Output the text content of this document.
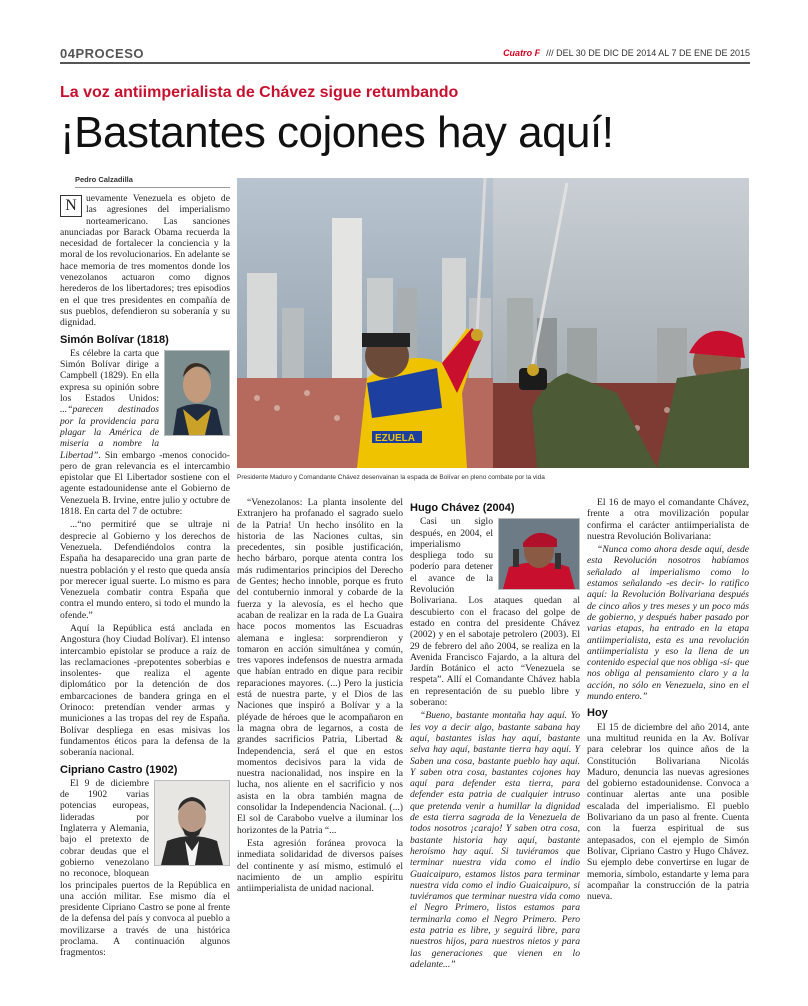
04PROCESO	Cuatro F /// DEL 30 DE DIC DE 2014 AL 7 DE ENE DE 2015
La voz antiimperialista de Chávez sigue retumbando
¡Bastantes cojones hay aquí!
Pedro Calzadilla
EZUELA
Presidente Maduro y Comandante Chávez desenvainan la espada de Bolívar en pleno combate por la vida

N uevamente Venezuela es objeto de las agresiones del imperialismo norteamericano. Las sanciones anunciadas por Barack Obama recuerda la necesidad de fortalecer la conciencia y la moral de los revolucionarios. En adelante se hace memoria de tres momentos donde los venezolanos actuaron como dignos herederos de los libertadores; tres episodios en el que tres presidentes en compañía de sus pueblos, defendieron su soberanía y su dignidad.

Simón Bolívar (1818)

Es célebre la carta que Simón Bolívar dirige a Campbell (1829). En ella expresa su opinión sobre los Estados Unidos: ...“parecen destinados por la providencia para plagar la América de miseria a nombre la Libertad”. Sin embargo -menos conocido- pero de gran relevancia es el intercambio epistolar que El Libertador sostiene con el agente estadounidense ante el Gobierno de Venezuela B. Irvine, entre julio y octubre de 1818. En carta del 7 de octubre:

...“no permitiré que se ultraje ni desprecie al Gobierno y los derechos de Venezuela. Defendiéndolos contra la España ha desaparecido una gran parte de nuestra población y el resto que queda ansía por merecer igual suerte. Lo mismo es para Venezuela combatir contra España que contra el mundo entero, si todo el mundo la ofende.”

Aquí la República está anclada en Angostura (hoy Ciudad Bolívar). El intenso intercambio epistolar se produce a raíz de las reclamaciones -prepotentes soberbias e insolentes- que realiza el agente diplomático por la detención de dos embarcaciones de bandera gringa en el Orinoco: pretendían vender armas y municiones a las tropas del rey de España. Bolívar despliega en esas misivas los fundamentos éticos para la defensa de la soberanía nacional.

Cipriano Castro (1902)

El 9 de diciembre de 1902 varias potencias europeas, lideradas por Inglaterra y Alemania, bajo el pretexto de cobrar deudas que el gobierno venezolano no reconoce, bloquean los principales puertos de la República en una acción militar. Ese mismo día el presidente Cipriano Castro se pone al frente de la defensa del país y convoca al pueblo a movilizarse a través de una histórica proclama. A continuación algunos fragmentos:

“Venezolanos: La planta insolente del Extranjero ha profanado el sagrado suelo de la Patria! Un hecho insólito en la historia de las Naciones cultas, sin precedentes, sin posible justificación, hecho bárbaro, porque atenta contra los más rudimentarios principios del Derecho de Gentes; hecho innoble, porque es fruto del contubernio inmoral y cobarde de la fuerza y la alevosía, es el hecho que acaban de realizar en la rada de La Guaira hace pocos momentos las Escuadras alemana e inglesa: sorprendieron y tomaron en acción simultánea y común, tres vapores indefensos de nuestra armada que habían entrado en dique para recibir reparaciones mayores. (...) Pero la justicia está de nuestra parte, y el Dios de las Naciones que inspiró a Bolívar y a la pléyade de héroes que le acompañaron en la magna obra de legarnos, a costa de grandes sacrificios Patria, Libertad & Independencia, será el que en estos momentos decisivos para la vida de nuestra nacionalidad, nos inspire en la lucha, nos aliente en el sacrificio y nos asista en la obra también magna de consolidar la Independencia Nacional. (...) El sol de Carabobo vuelve a iluminar los horizontes de la Patria “...

Esta agresión foránea provoca la inmediata solidaridad de diversos países del continente y así mismo, estimuló el nacimiento de un amplio espíritu antiimperialista de unidad nacional.

Hugo Chávez (2004)

Casi un siglo después, en 2004, el imperialismo despliega todo su poderío para detener el avance de la Revolución Bolivariana. Los ataques quedan al descubierto con el fracaso del golpe de estado en contra del presidente Chávez (2002) y en el sabotaje petrolero (2003). El 29 de febrero del año 2004, se realiza en la Avenida Francisco Fajardo, a la altura del Jardín Botánico el acto “Venezuela se respeta”. Allí el Comandante Chávez habla en representación de su pueblo libre y soberano:

“Bueno, bastante montaña hay aquí. Yo les voy a decir algo, bastante sabana hay aquí, bastantes islas hay aquí, bastante selva hay aquí, bastante tierra hay aquí. Y Saben una cosa, bastante pueblo hay aquí. Y saben otra cosa, bastantes cojones hay aquí para defender esta tierra, para defender esta patria de cualquier intruso que pretenda venir a humillar la dignidad de esta tierra sagrada de la Venezuela de todos nosotros ¡carajo! Y saben otra cosa, bastante historia hay aquí, bastante heroísmo hay aquí. Si tuviéramos que terminar nuestra vida como el indio Guaicaipuro, estamos listos para terminar nuestra vida como el indio Guaicaipuro, si tuviéramos que terminar nuestra vida como el Negro Primero, listos estamos para terminarla como el Negro Primero. Pero esta patria es libre, y seguirá libre, para nuestros hijos, para nuestros nietos y para las generaciones que vienen en lo adelante...”

El 16 de mayo el comandante Chávez, frente a otra movilización popular confirma el carácter antiimperialista de nuestra Revolución Bolivariana:

“Nunca como ahora desde aquí, desde esta Revolución nosotros habíamos señalado al imperialismo como lo estamos señalando -es decir- lo ratifico aquí: la Revolución Bolivariana después de cinco años y tres meses y un poco más de gobierno, y después haber pasado por varias etapas, ha entrado en la etapa antiimperialista, esta es una revolución antiimperialista y eso la llena de un contenido especial que nos obliga -sí- que nos obliga al pensamiento claro y a la acción, no sólo en Venezuela, sino en el mundo entero.”

Hoy

El 15 de diciembre del año 2014, ante una multitud reunida en la Av. Bolívar para celebrar los quince años de la Constitución Bolivariana Nicolás Maduro, denuncia las nuevas agresiones del gobierno estadounidense. Convoca a continuar alertas ante una posible escalada del imperialismo. El pueblo Bolivariano da un paso al frente. Cuenta con la fuerza espiritual de sus antepasados, con el ejemplo de Simón Bolívar, Cipriano Castro y Hugo Chávez. Su ejemplo debe convertirse en lugar de memoria, símbolo, estandarte y lema para acompañar la construcción de la patria nueva.
